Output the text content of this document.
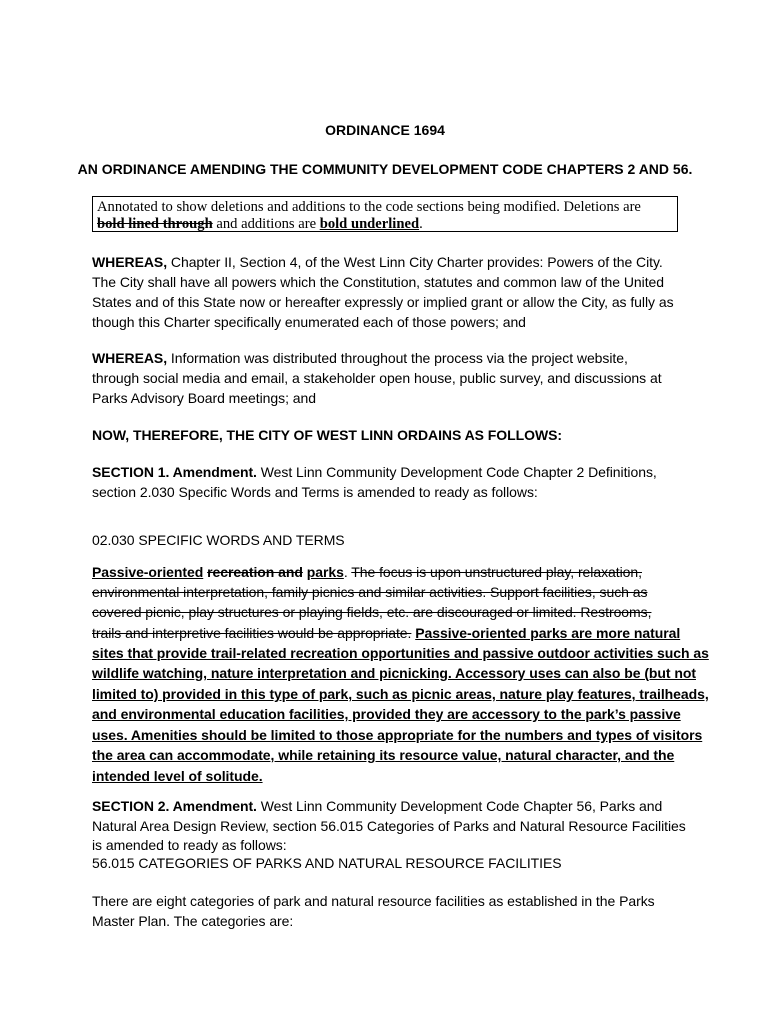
ORDINANCE 1694
AN ORDINANCE AMENDING THE COMMUNITY DEVELOPMENT CODE CHAPTERS 2 AND 56.
Annotated to show deletions and additions to the code sections being modified. Deletions are
bold lined through and additions are bold underlined.
WHEREAS, Chapter II, Section 4, of the West Linn City Charter provides: Powers of the City.
The City shall have all powers which the Constitution, statutes and common law of the United
States and of this State now or hereafter expressly or implied grant or allow the City, as fully as
though this Charter specifically enumerated each of those powers; and
WHEREAS, Information was distributed throughout the process via the project website,
through social media and email, a stakeholder open house, public survey, and discussions at
Parks Advisory Board meetings; and
NOW, THEREFORE, THE CITY OF WEST LINN ORDAINS AS FOLLOWS:
SECTION 1. Amendment. West Linn Community Development Code Chapter 2 Definitions,
section 2.030 Specific Words and Terms is amended to ready as follows:
02.030 SPECIFIC WORDS AND TERMS
Passive-oriented recreation and parks. The focus is upon unstructured play, relaxation,
environmental interpretation, family picnics and similar activities. Support facilities, such as
covered picnic, play structures or playing fields, etc. are discouraged or limited. Restrooms,
trails and interpretive facilities would be appropriate. Passive-oriented parks are more natural
sites that provide trail-related recreation opportunities and passive outdoor activities such as
wildlife watching, nature interpretation and picnicking. Accessory uses can also be (but not
limited to) provided in this type of park, such as picnic areas, nature play features, trailheads,
and environmental education facilities, provided they are accessory to the park’s passive
uses. Amenities should be limited to those appropriate for the numbers and types of visitors
the area can accommodate, while retaining its resource value, natural character, and the
intended level of solitude.
SECTION 2. Amendment. West Linn Community Development Code Chapter 56, Parks and
Natural Area Design Review, section 56.015 Categories of Parks and Natural Resource Facilities
is amended to ready as follows:
56.015 CATEGORIES OF PARKS AND NATURAL RESOURCE FACILITIES
There are eight categories of park and natural resource facilities as established in the Parks
Master Plan. The categories are:
